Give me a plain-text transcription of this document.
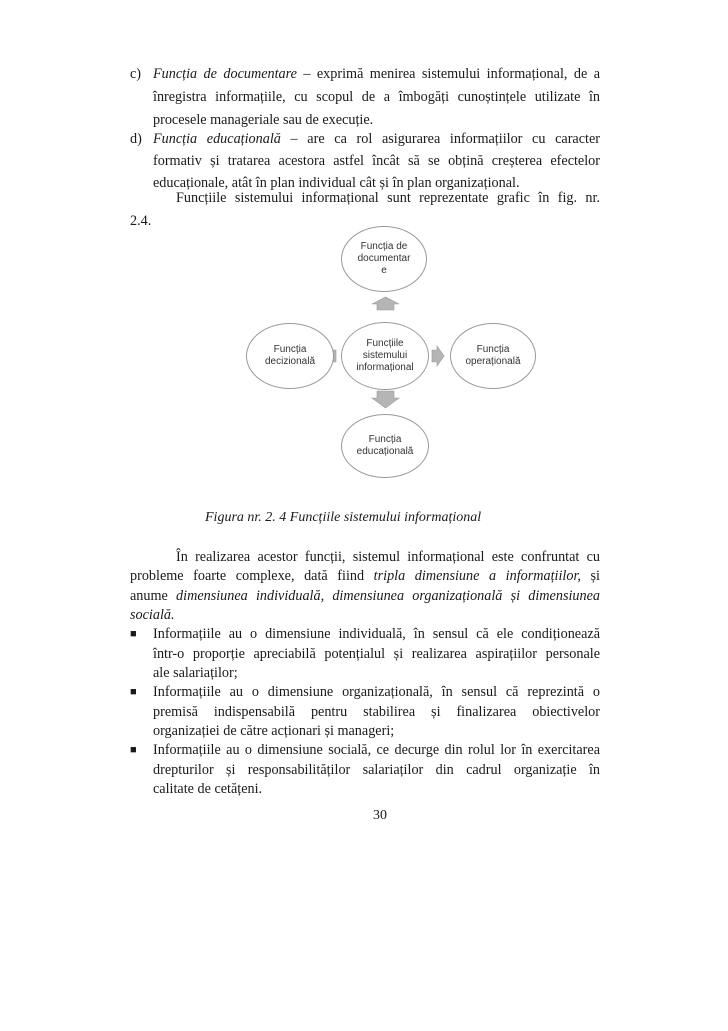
c) Funcția de documentare – exprimă menirea sistemului informațional, de a
înregistra informațiile, cu scopul de a îmbogăți cunoștințele utilizate în
procesele manageriale sau de execuție.
d) Funcția educațională – are ca rol asigurarea informațiilor cu caracter
formativ și tratarea acestora astfel încât să se obțină creșterea efectelor
educaționale, atât în plan individual cât și în plan organizațional.
Funcțiile sistemului informațional sunt reprezentate grafic în fig. nr.
2.4.
Funcția de
documentar
e
Funcțiile
sistemului
informațional
Funcția
decizională
Funcția
operațională
Funcția
educațională
Figura nr. 2. 4 Funcțiile sistemului informațional
În realizarea acestor funcții, sistemul informațional este confruntat cu
probleme foarte complexe, dată fiind tripla dimensiune a informațiilor, și
anume dimensiunea individuală, dimensiunea organizațională și dimensiunea
socială.
■ Informațiile au o dimensiune individuală, în sensul că ele condiționează
într-o proporție apreciabilă potențialul și realizarea aspirațiilor personale
ale salariaților;
■ Informațiile au o dimensiune organizațională, în sensul că reprezintă o
premisă indispensabilă pentru stabilirea și finalizarea obiectivelor
organizației de către acționari și manageri;
■ Informațiile au o dimensiune socială, ce decurge din rolul lor în exercitarea
drepturilor și responsabilităților salariaților din cadrul organizație în
calitate de cetățeni.
30
